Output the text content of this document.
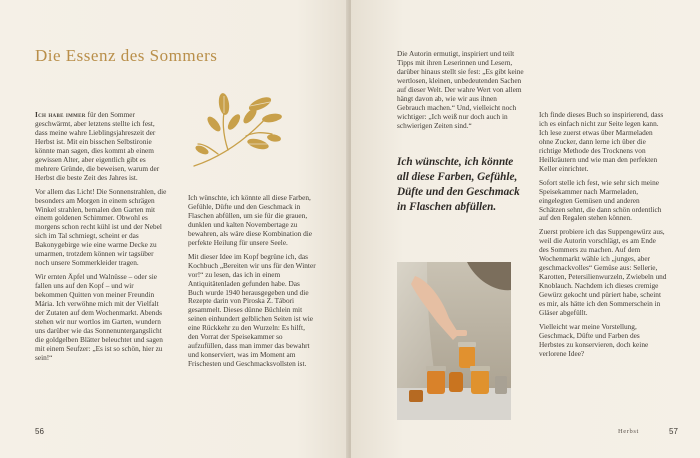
Die Essenz des Sommers

Ich habe immer für den Sommer geschwärmt, aber letztens stellte ich fest, dass meine wahre Lieblingsjahreszeit der Herbst ist. Mit ein bisschen Selbstironie könnte man sagen, dies kommt ab einem gewissen Alter, aber eigentlich gibt es mehrere Gründe, die beweisen, warum der Herbst die beste Zeit des Jahres ist.

Vor allem das Licht! Die Sonnenstrahlen, die besonders am Morgen in einem schrägen Winkel strahlen, bemalen den Garten mit einem goldenen Schimmer. Obwohl es morgens schon recht kühl ist und der Nebel sich im Tal schmiegt, scheint er das Bakonygebirge wie eine warme Decke zu umarmen, trotzdem können wir tagsüber noch unsere Sommerkleider tragen.

Wir ernten Äpfel und Walnüsse – oder sie fallen uns auf den Kopf – und wir bekommen Quitten von meiner Freundin Mária. Ich verwöhne mich mit der Vielfalt der Zutaten auf dem Wochenmarkt. Abends stehen wir nur wortlos im Garten, wundern uns darüber wie das Sonnenuntergangslicht die goldgelben Blätter beleuchtet und sagen mit einem Seufzer: „Es ist so schön, hier zu sein!“

Ich wünschte, ich könnte all diese Farben, Gefühle, Düfte und den Geschmack in Flaschen abfüllen, um sie für die grauen, dunklen und kalten Novembertage zu bewahren, als wäre diese Kombination die perfekte Heilung für unsere Seele.

Mit dieser Idee im Kopf begrüne ich, das Kochbuch „Bereiten wir uns für den Winter vor!“ zu lesen, das ich in einem Antiquitätenladen gefunden habe. Das Buch wurde 1940 herausgegeben und die Rezepte darin von Piroska Z. Tábori gesammelt. Dieses dünne Büchlein mit seinen einhundert gelblichen Seiten ist wie eine Rückkehr zu den Wurzeln: Es hilft, den Vorrat der Speisekammer so aufzufüllen, dass man immer das bewahrt und konserviert, was im Moment am Frischesten und Geschmacksvollsten ist.

56

Die Autorin ermutigt, inspiriert und teilt Tipps mit ihren Leserinnen und Lesern, darüber hinaus stellt sie fest: „Es gibt keine wertlosen, kleinen, unbedeutenden Sachen auf dieser Welt. Der wahre Wert von allem hängt davon ab, wie wir aus ihnen Gebrauch machen.“ Und, vielleicht noch wichtiger: „Ich weiß nur doch auch in schwierigen Zeiten sind.“

Ich finde dieses Buch so inspirierend, dass ich es einfach nicht zur Seite legen kann. Ich lese zuerst etwas über Marmeladen ohne Zucker, dann lerne ich über die richtige Methode des Trocknens von Heilkräutern und wie man den perfekten Keller einrichtet.

Sofort stelle ich fest, wie sehr sich meine Speisekammer nach Marmeladen, eingelegten Gemüsen und anderen Schätzen sehnt, die dann schön ordentlich auf den Regalen stehen können.

Zuerst probiere ich das Suppengewürz aus, weil die Autorin vorschlägt, es am Ende des Sommers zu machen. Auf dem Wochenmarkt wähle ich „junges, aber geschmackvolles“ Gemüse aus: Sellerie, Karotten, Petersilienwurzeln, Zwiebeln und Knoblauch. Nachdem ich dieses cremige Gewürz gekocht und püriert habe, scheint es mir, als hätte ich den Sommerschein in Gläser abgefüllt.

Vielleicht war meine Vorstellung, Geschmack, Düfte und Farben des Herbstes zu konservieren, doch keine verlorene Idee?

Herbst	57
Ich wünschte, ich könnte all diese Farben, Gefühle, Düfte und den Geschmack in Flaschen abfüllen.
